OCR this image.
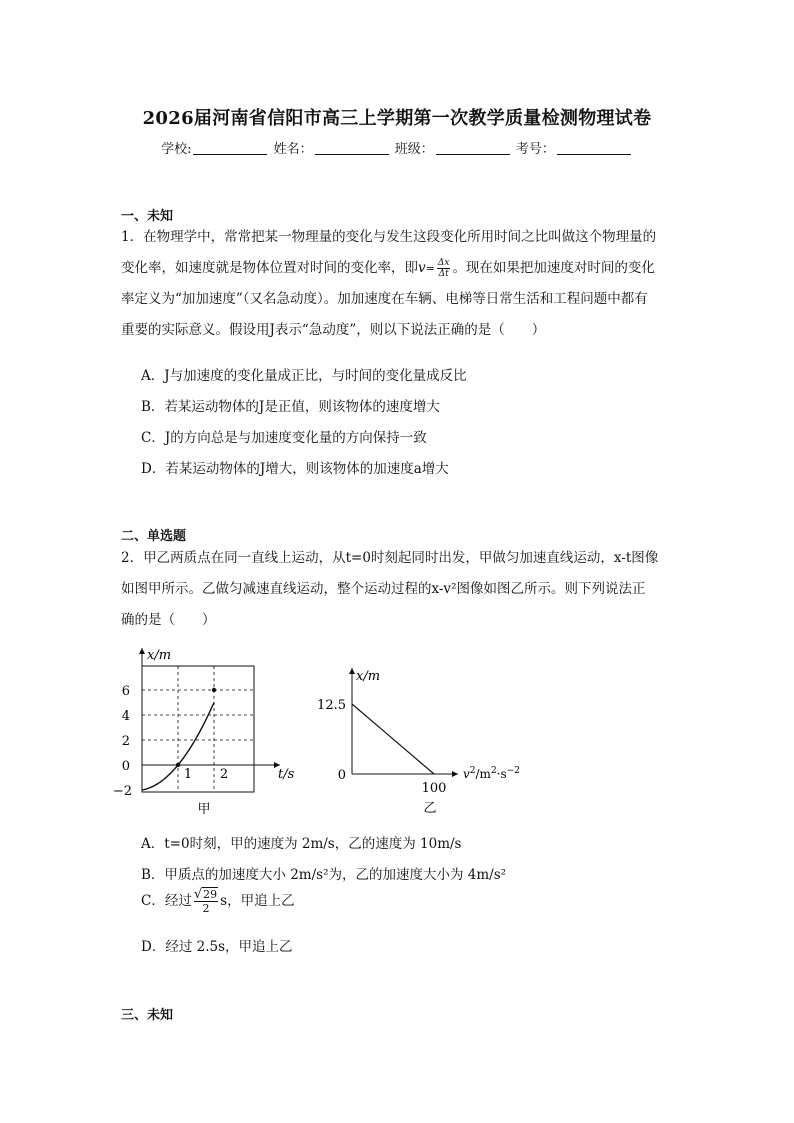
2026届河南省信阳市高三上学期第一次教学质量检测物理试卷
学校:	姓名：	班级：	考号：
一、未知
1．在物理学中，常常把某一物理量的变化与发生这段变化所用时间之比叫做这个物理量的
变化率，如速度就是物体位置对时间的变化率，即$v= \frac{\Delta x}{\Delta t}$ 。现在如果把加速度对时间的变化
率定义为“加加速度”（又名急动度）。加加速度在车辆、电梯等日常生活和工程问题中都有
重要的实际意义。假设用J表示“急动度”，则以下说法正确的是（　　）
A．J与加速度的变化量成正比，与时间的变化量成反比
B．若某运动物体的J是正值，则该物体的速度增大
C．J的方向总是与加速度变化量的方向保持一致
D．若某运动物体的J增大，则该物体的加速度a增大
二、单选题
2．甲乙两质点在同一直线上运动，从t=0时刻起同时出发，甲做匀加速直线运动，x-t图像
如图甲所示。乙做匀减速直线运动，整个运动过程的x-v²图像如图乙所示。则下列说法正
确的是（　　）
x/m
6
4
2
0
−2
1 2	t/s
甲
x/m
12.5
0
100
$v^2/m^2\cdot s^{-2}$
乙
A．t=0时刻，甲的速度为 2m/s，乙的速度为 10m/s
B．甲质点的加速度大小 2m/s²为，乙的加速度大小为 4m/s²
C．经过 $\frac{√29}{2}$ s，甲追上乙
D．经过 2.5s，甲追上乙
三、未知
